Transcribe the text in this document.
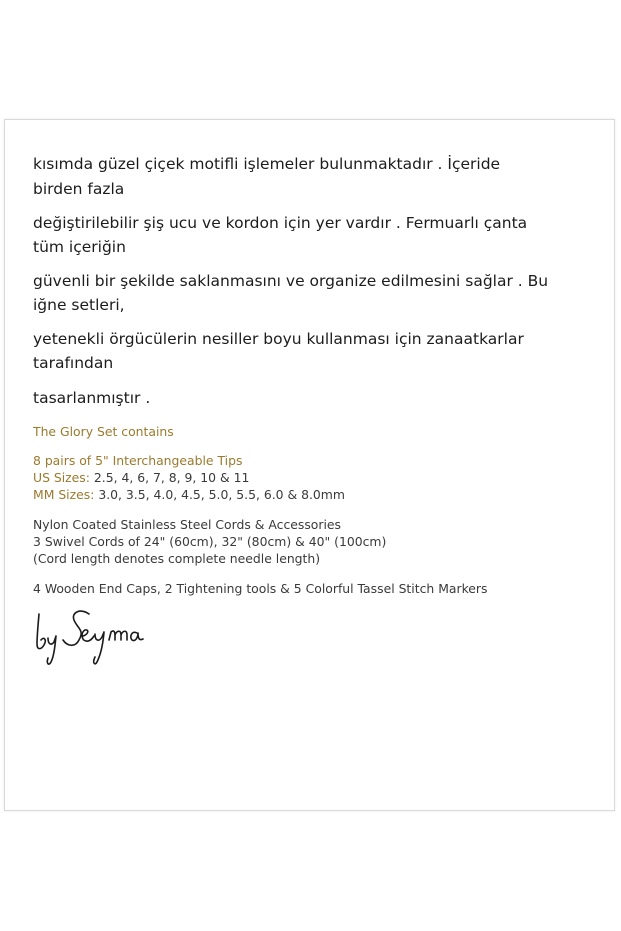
kısımda güzel çiçek motifli işlemeler bulunmaktadır . İçeride

birden fazla

değiştirilebilir şiş ucu ve kordon için yer vardır . Fermuarlı çanta

tüm içeriğin

güvenli bir şekilde saklanmasını ve organize edilmesini sağlar . Bu

iğne setleri,

yetenekli örgücülerin nesiller boyu kullanması için zanaatkarlar

tarafından

tasarlanmıştır .

The Glory Set contains

8 pairs of 5" Interchangeable Tips

US Sizes: 2.5, 4, 6, 7, 8, 9, 10 & 11

MM Sizes: 3.0, 3.5, 4.0, 4.5, 5.0, 5.5, 6.0 & 8.0mm

Nylon Coated Stainless Steel Cords & Accessories

3 Swivel Cords of 24" (60cm), 32" (80cm) & 40" (100cm)

(Cord length denotes complete needle length)

4 Wooden End Caps, 2 Tightening tools & 5 Colorful Tassel Stitch Markers
